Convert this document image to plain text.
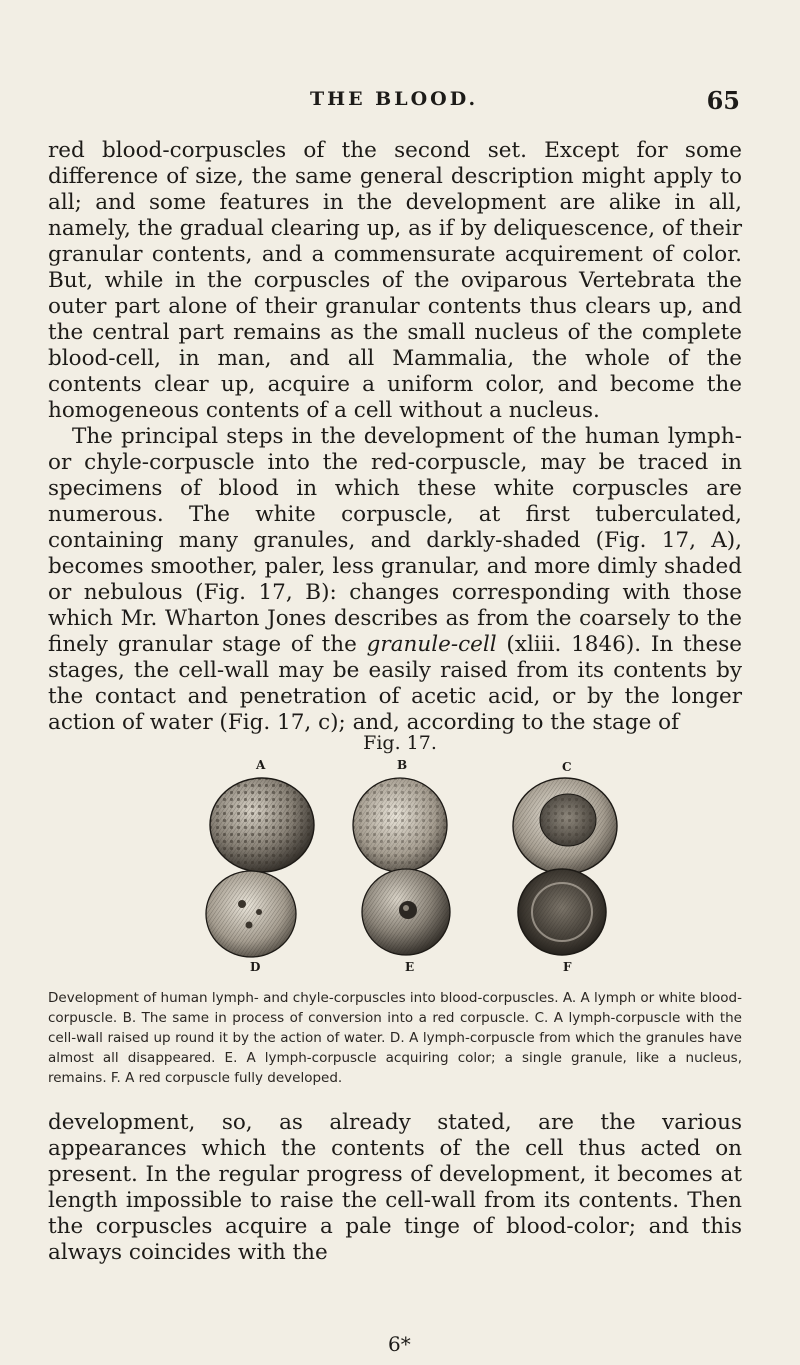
THE BLOOD.	65

red blood-corpuscles of the second set. Except for some difference of size, the same general description might apply to all; and some features in the development are alike in all, namely, the gradual clearing up, as if by deliquescence, of their granular contents, and a commensurate acquirement of color. But, while in the corpuscles of the oviparous Vertebrata the outer part alone of their granular contents thus clears up, and the central part remains as the small nucleus of the complete blood-cell, in man, and all Mammalia, the whole of the contents clear up, acquire a uniform color, and become the homogeneous contents of a cell without a nucleus.

The principal steps in the development of the human lymph- or chyle-corpuscle into the red-corpuscle, may be traced in specimens of blood in which these white corpuscles are numerous. The white corpuscle, at first tuberculated, containing many granules, and darkly-shaded (Fig. 17, A), becomes smoother, paler, less granular, and more dimly shaded or nebulous (Fig. 17, B): changes corresponding with those which Mr. Wharton Jones describes as from the coarsely to the finely granular stage of the granule-cell (xliii. 1846). In these stages, the cell-wall may be easily raised from its contents by the contact and penetration of acetic acid, or by the longer action of water (Fig. 17, c); and, according to the stage of

Fig. 17.
A	B	C
D	E	F
Development of human lymph- and chyle-corpuscles into blood-corpuscles. A. A lymph or white blood-corpuscle. B. The same in process of conversion into a red corpuscle. C. A lymph-corpuscle with the cell-wall raised up round it by the action of water. D. A lymph-corpuscle from which the granules have almost all disappeared. E. A lymph-corpuscle acquiring color; a single granule, like a nucleus, remains. F. A red corpuscle fully developed.

development, so, as already stated, are the various appearances which the contents of the cell thus acted on present. In the regular progress of development, it becomes at length impossible to raise the cell-wall from its contents. Then the corpuscles acquire a pale tinge of blood-color; and this always coincides with the

6*
